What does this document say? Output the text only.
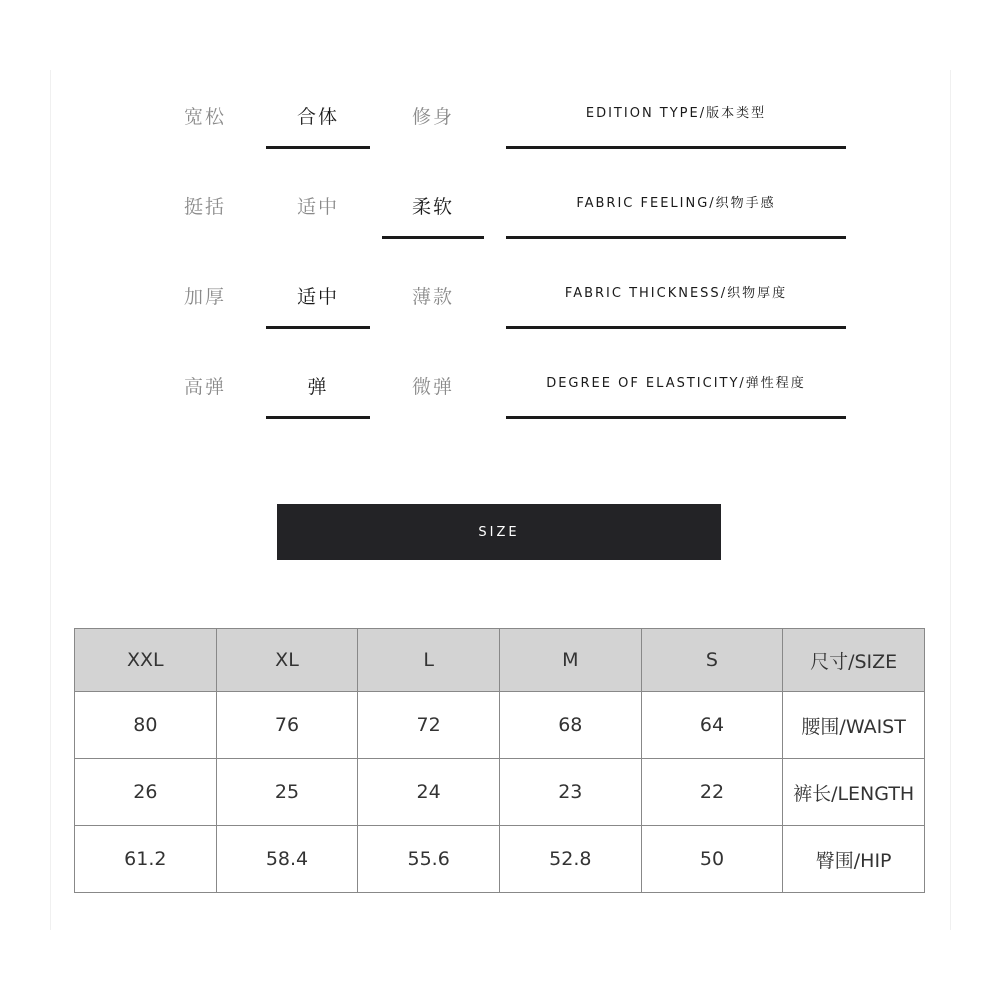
宽松	合体	修身	EDITION TYPE/版本类型
挺括	适中	柔软	FABRIC FEELING/织物手感
加厚	适中	薄款	FABRIC THICKNESS/织物厚度
高弹	弹	微弹	DEGREE OF ELASTICITY/弹性程度
SIZE
XXL	XL	L	M	S	尺寸/SIZE
80	76	72	68	64	腰围/WAIST
26	25	24	23	22	裤长/LENGTH
61.2	58.4	55.6	52.8	50	臀围/HIP
